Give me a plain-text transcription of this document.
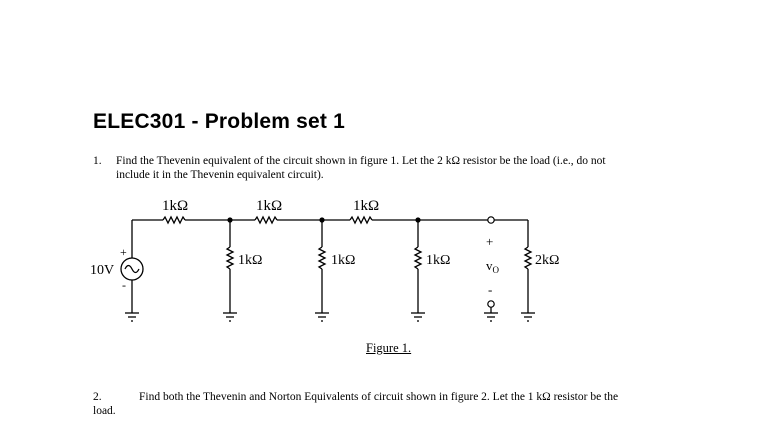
ELEC301 - Problem set 1
1. Find the Thevenin equivalent of the circuit shown in figure 1. Let the 2 kΩ resistor be the load (i.e., do not
include it in the Thevenin equivalent circuit).
1kΩ	1kΩ	1kΩ
1kΩ	1kΩ	1kΩ	2kΩ
10V
+
-
+
$v_O$
-
Figure 1.
2.	Find both the Thevenin and Norton Equivalents of circuit shown in figure 2. Let the 1 kΩ resistor be the
load.
